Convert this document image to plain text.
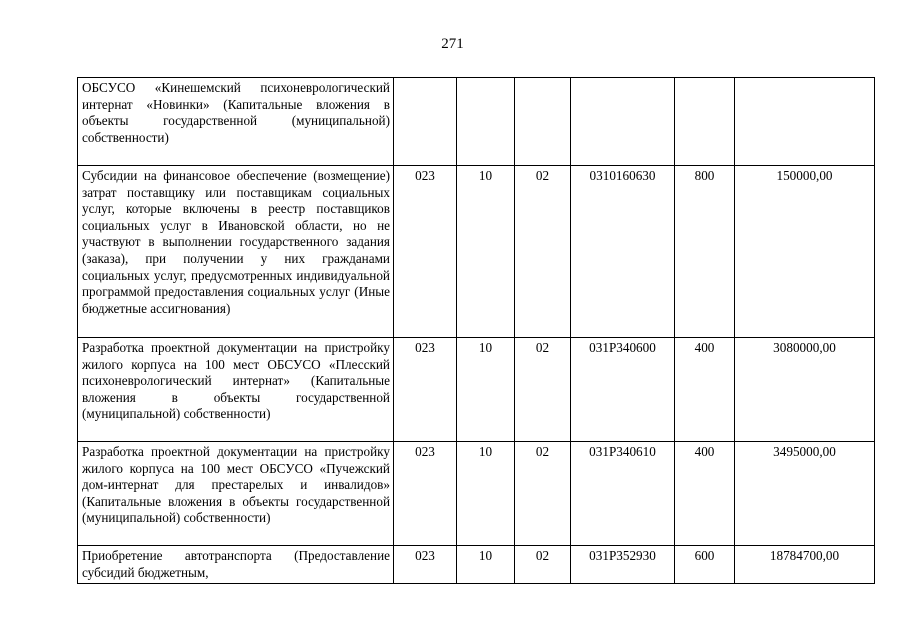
271
ОБСУСО «Кинешемский психоневрологический интернат «Новинки» (Капитальные вложения в объекты государственной (муниципальной) собственности)						
Субсидии на финансовое обеспечение (возмещение) затрат поставщику или поставщикам социальных услуг, которые включены в реестр поставщиков социальных услуг в Ивановской области, но не участвуют в выполнении государственного задания (заказа), при получении у них гражданами социальных услуг, предусмотренных индивидуальной программой предоставления социальных услуг (Иные бюджетные ассигнования)	023	10	02	0310160630	800	150000,00
Разработка проектной документации на пристройку жилого корпуса на 100 мест ОБСУСО «Плесский психоневрологический интернат» (Капитальные вложения в объекты государственной (муниципальной) собственности)	023	10	02	031P340600	400	3080000,00
Разработка проектной документации на пристройку жилого корпуса на 100 мест ОБСУСО «Пучежский дом-интернат для престарелых и инвалидов» (Капитальные вложения в объекты государственной (муниципальной) собственности)	023	10	02	031P340610	400	3495000,00
Приобретение автотранспорта (Предоставление субсидий бюджетным,	023	10	02	031P352930	600	18784700,00
